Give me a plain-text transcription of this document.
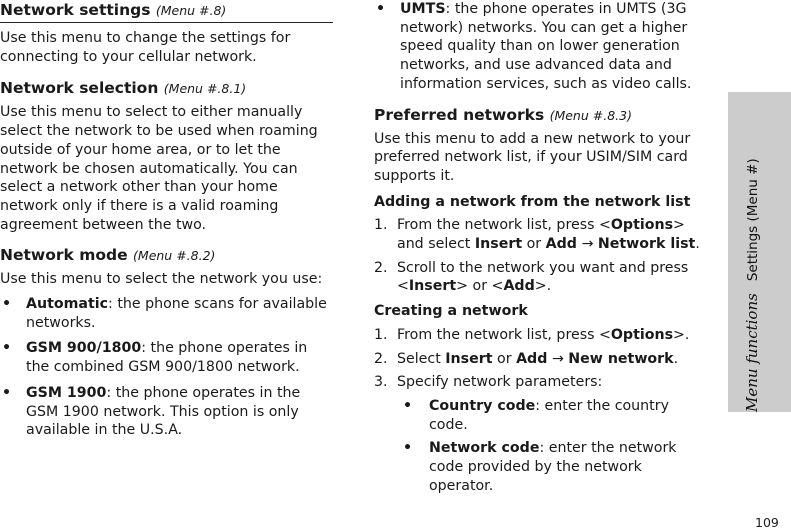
Network settings (Menu #.8)

Use this menu to change the settings for connecting to your cellular network.

Network selection (Menu #.8.1)

Use this menu to select to either manually select the network to be used when roaming outside of your home area, or to let the network be chosen automatically. You can select a network other than your home network only if there is a valid roaming agreement between the two.

Network mode (Menu #.8.2)

Use this menu to select the network you use:

• Automatic: the phone scans for available networks.
• GSM 900/1800: the phone operates in the combined GSM 900/1800 network.
• GSM 1900: the phone operates in the GSM 1900 network. This option is only available in the U.S.A.
• UMTS: the phone operates in UMTS (3G network) networks. You can get a higher speed quality than on lower generation networks, and use advanced data and information services, such as video calls.
Preferred networks (Menu #.8.3)

Use this menu to add a new network to your preferred network list, if your USIM/SIM card supports it.

Adding a network from the network list
1. From the network list, press <Options> and select Insert or Add → Network list.
2. Scroll to the network you want and press <Insert> or <Add>.
Creating a network
1. From the network list, press <Options>.
2. Select Insert or Add → New network.
3. Specify network parameters:
• Country code: enter the country code.
• Network code: enter the network code provided by the network operator.
Menu functions
Settings (Menu #)
109
